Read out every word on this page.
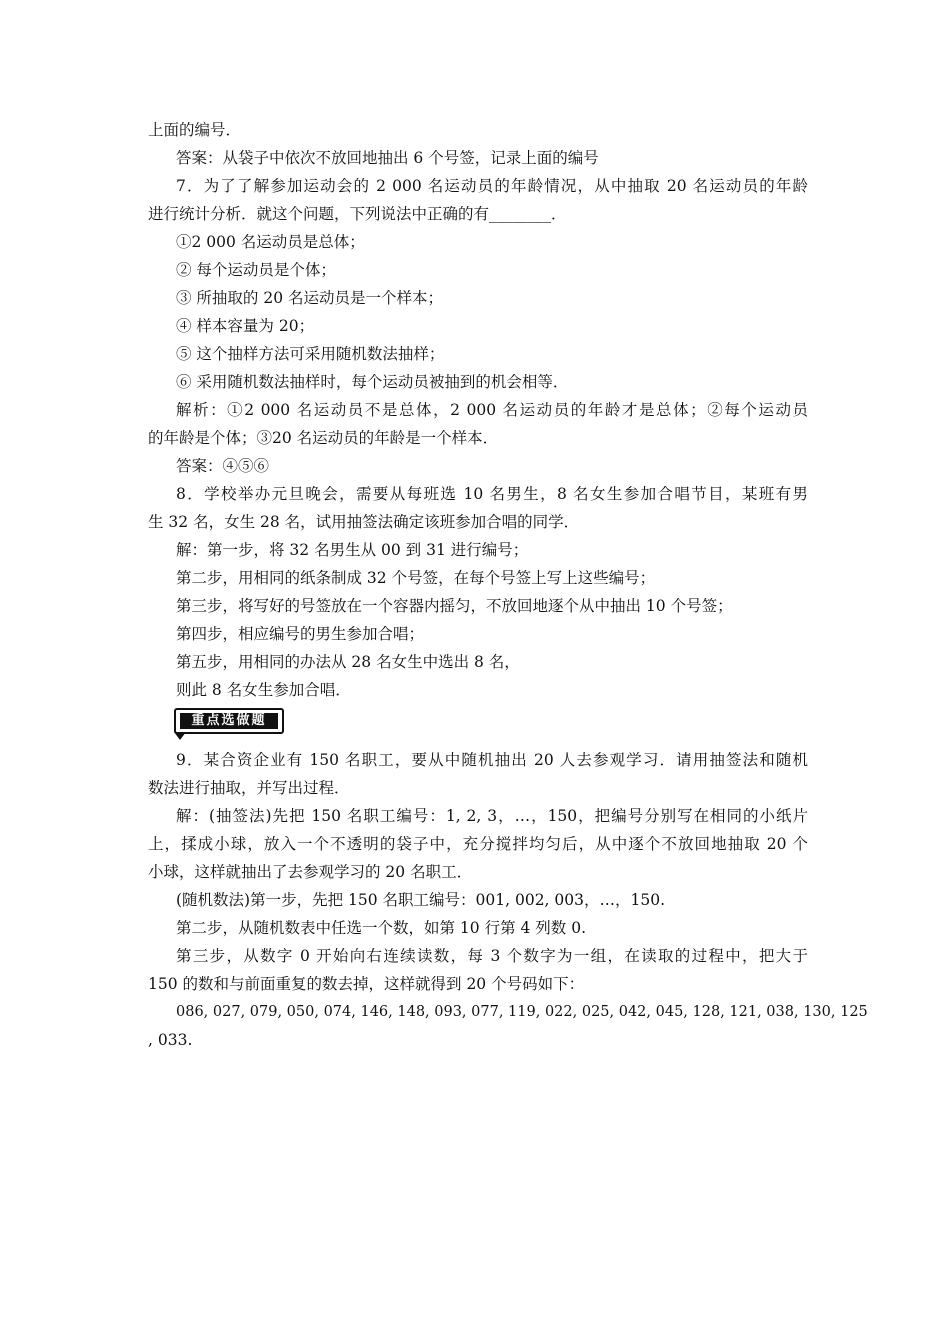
上面的编号．
答案：从袋子中依次不放回地抽出 6 个号签，记录上面的编号
7．为了了解参加运动会的 2 000 名运动员的年龄情况，从中抽取 20 名运动员的年龄
进行统计分析．就这个问题，下列说法中正确的有________．
①2 000 名运动员是总体；
② 每个运动员是个体；
③ 所抽取的 20 名运动员是一个样本；
④ 样本容量为 20；
⑤ 这个抽样方法可采用随机数法抽样；
⑥ 采用随机数法抽样时，每个运动员被抽到的机会相等．
解析：①2 000 名运动员不是总体，2 000 名运动员的年龄才是总体；②每个运动员
的年龄是个体；③20 名运动员的年龄是一个样本．
答案：④⑤⑥
8．学校举办元旦晚会，需要从每班选 10 名男生，8 名女生参加合唱节目，某班有男
生 32 名，女生 28 名，试用抽签法确定该班参加合唱的同学．
解：第一步，将 32 名男生从 00 到 31 进行编号；
第二步，用相同的纸条制成 32 个号签，在每个号签上写上这些编号；
第三步，将写好的号签放在一个容器内摇匀，不放回地逐个从中抽出 10 个号签；
第四步，相应编号的男生参加合唱；
第五步，用相同的办法从 28 名女生中选出 8 名，
则此 8 名女生参加合唱．
重点选做题
9．某合资企业有 150 名职工，要从中随机抽出 20 人去参观学习．请用抽签法和随机
数法进行抽取，并写出过程．
解：(抽签法)先把 150 名职工编号：1, 2, 3，…，150，把编号分别写在相同的小纸片
上，揉成小球，放入一个不透明的袋子中，充分搅拌均匀后，从中逐个不放回地抽取 20 个
小球，这样就抽出了去参观学习的 20 名职工．
(随机数法)第一步，先把 150 名职工编号：001, 002, 003，…，150.
第二步，从随机数表中任选一个数，如第 10 行第 4 列数 0.
第三步，从数字 0 开始向右连续读数，每 3 个数字为一组，在读取的过程中，把大于
150 的数和与前面重复的数去掉，这样就得到 20 个号码如下：
086, 027, 079, 050, 074, 146, 148, 093, 077, 119, 022, 025, 042, 045, 128, 121, 038, 130, 125
, 033.
